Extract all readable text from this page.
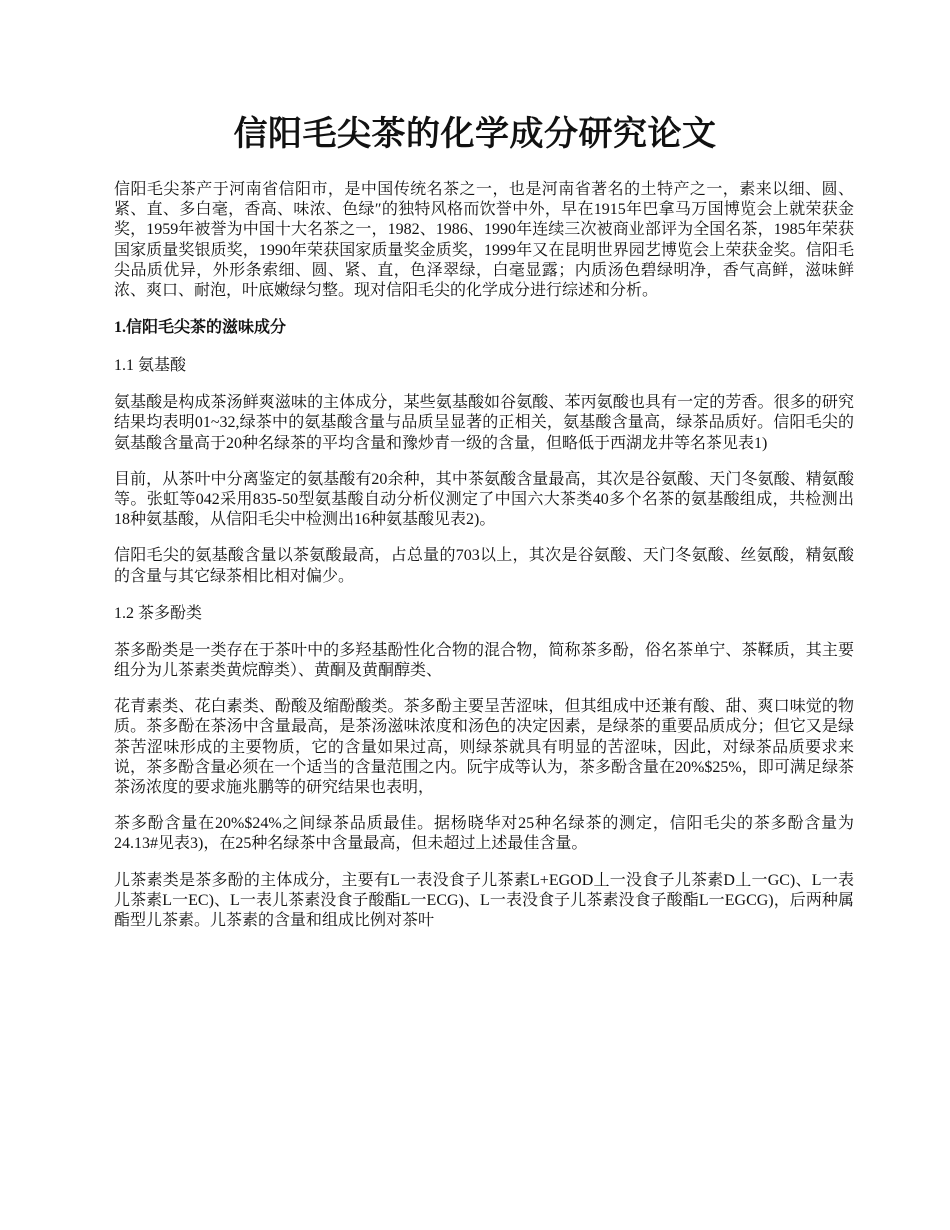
信阳毛尖茶的化学成分研究论文

信阳毛尖茶产于河南省信阳市，是中国传统名茶之一，也是河南省著名的土特产之一，素来以细、圆、紧、直、多白毫，香高、味浓、色绿″的独特风格而饮誉中外，早在1915年巴拿马万国博览会上就荣获金奖，1959年被誉为中国十大名茶之一，1982、1986、1990年连续三次被商业部评为全国名茶，1985年荣获国家质量奖银质奖，1990年荣获国家质量奖金质奖，1999年又在昆明世界园艺博览会上荣获金奖。信阳毛尖品质优异，外形条索细、圆、紧、直，色泽翠绿，白毫显露；内质汤色碧绿明净，香气高鲜，滋味鲜浓、爽口、耐泡，叶底嫩绿匀整。现对信阳毛尖的化学成分进行综述和分析。

1.信阳毛尖茶的滋味成分

1.1 氨基酸

氨基酸是构成茶汤鲜爽滋味的主体成分，某些氨基酸如谷氨酸、苯丙氨酸也具有一定的芳香。很多的研究结果均表明01~32,绿茶中的氨基酸含量与品质呈显著的正相关，氨基酸含量高，绿茶品质好。信阳毛尖的氨基酸含量高于20种名绿茶的平均含量和豫炒青一级的含量，但略低于西湖龙井等名茶见表1)

目前，从茶叶中分离鉴定的氨基酸有20余种，其中茶氨酸含量最高，其次是谷氨酸、天门冬氨酸、精氨酸等。张虹等042采用835-50型氨基酸自动分析仪测定了中国六大茶类40多个名茶的氨基酸组成，共检测出18种氨基酸，从信阳毛尖中检测出16种氨基酸见表2)。

信阳毛尖的氨基酸含量以茶氨酸最高，占总量的703以上，其次是谷氨酸、天门冬氨酸、丝氨酸，精氨酸的含量与其它绿茶相比相对偏少。

1.2 茶多酚类

茶多酚类是一类存在于茶叶中的多羟基酚性化合物的混合物，简称茶多酚，俗名茶单宁、茶鞣质，其主要组分为儿茶素类黄烷醇类）、黄酮及黄酮醇类、

花青素类、花白素类、酚酸及缩酚酸类。茶多酚主要呈苦涩味，但其组成中还兼有酸、甜、爽口味觉的物质。茶多酚在茶汤中含量最高，是茶汤滋味浓度和汤色的决定因素，是绿茶的重要品质成分；但它又是绿茶苦涩味形成的主要物质，它的含量如果过高，则绿茶就具有明显的苦涩味，因此，对绿茶品质要求来说，茶多酚含量必须在一个适当的含量范围之内。阮宇成等认为，茶多酚含量在20%$25%，即可满足绿茶茶汤浓度的要求施兆鹏等的研究结果也表明，

茶多酚含量在20%$24%之间绿茶品质最佳。据杨晓华对25种名绿茶的测定，信阳毛尖的茶多酚含量为24.13#见表3)，在25种名绿茶中含量最高，但未超过上述最佳含量。

儿茶素类是茶多酚的主体成分，主要有L一表没食子儿茶素L+EGOD丄一没食子儿茶素D丄一GC)、L一表儿茶素L一EC)、L一表儿茶素没食子酸酯L一ECG)、L一表没食子儿茶素没食子酸酯L一EGCG)，后两种属酯型儿茶素。儿茶素的含量和组成比例对茶叶
